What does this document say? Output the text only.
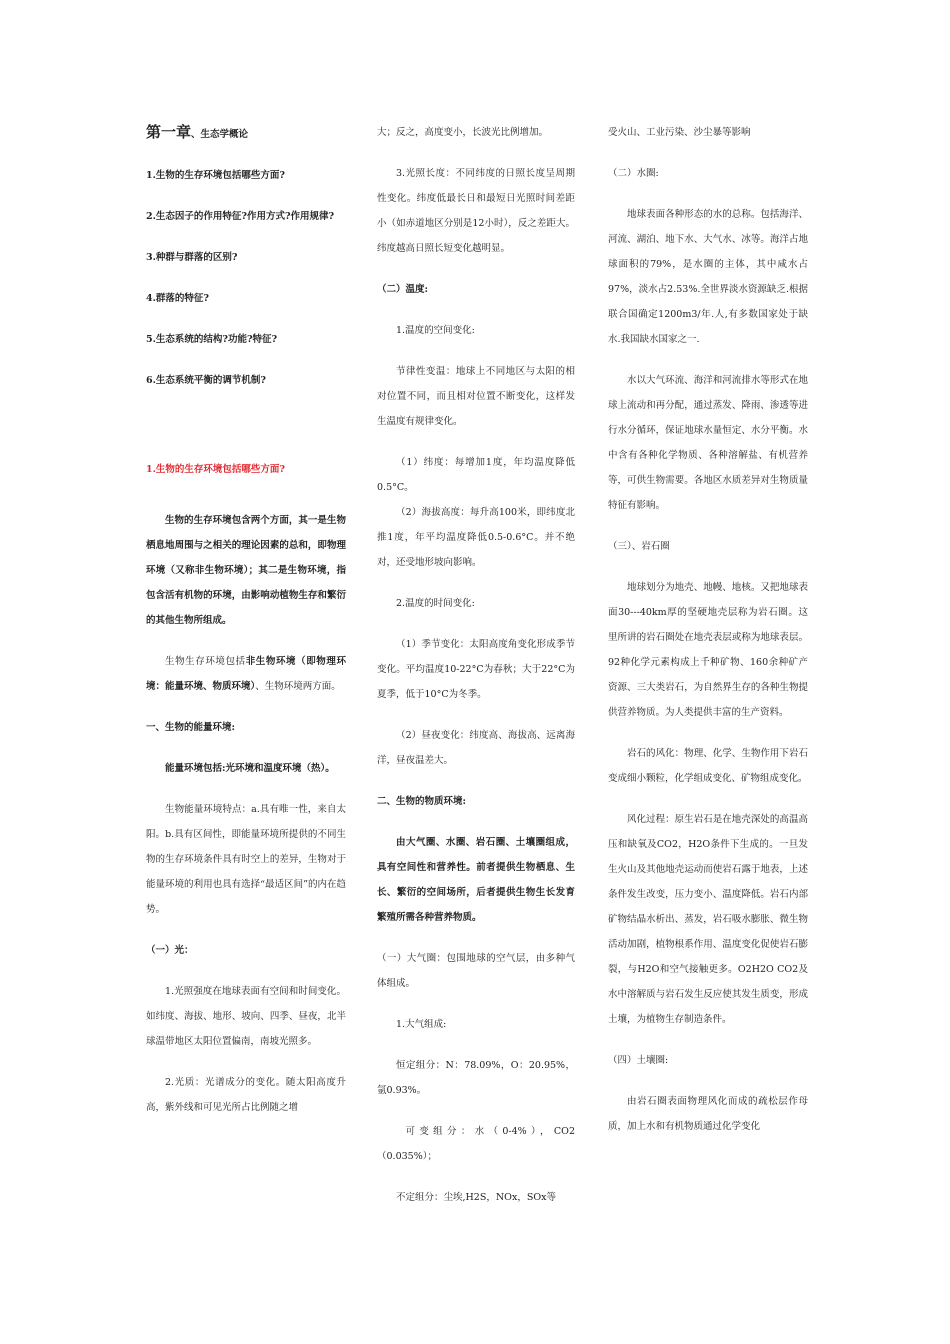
第一章、生态学概论

1.生物的生存环境包括哪些方面?

2.生态因子的作用特征?作用方式?作用规律?

3.种群与群落的区别?

4.群落的特征?

5.生态系统的结构?功能?特征?

6.生态系统平衡的调节机制?

1.生物的生存环境包括哪些方面?

生物的生存环境包含两个方面，其一是生物栖息地周围与之相关的理论因素的总和，即物理环境（又称非生物环境）；其二是生物环境，指包含活有机物的环境，由影响动植物生存和繁衍的其他生物所组成。

生物生存环境包括非生物环境（即物理环境：能量环境、物质环境）、生物环境两方面。

一、生物的能量环境:

能量环境包括:光环境和温度环境（热）。

生物能量环境特点：a.具有唯一性，来自太阳。b.具有区间性，即能量环境所提供的不同生物的生存环境条件具有时空上的差异，生物对于能量环境的利用也具有选择“最适区间”的内在趋势。

（一）光：

1.光照强度在地球表面有空间和时间变化。如纬度、海拔、地形、坡向、四季、昼夜，北半球温带地区太阳位置偏南，南坡光照多。

2.光质：光谱成分的变化。随太阳高度升高，紫外线和可见光所占比例随之增

大；反之，高度变小，长波光比例增加。

3.光照长度：不同纬度的日照长度呈周期性变化。纬度低最长日和最短日光照时间差距小（如赤道地区分别是12小时），反之差距大。纬度越高日照长短变化越明显。

（二）温度:

1.温度的空间变化:

节律性变温：地球上不同地区与太阳的相对位置不同，而且相对位置不断变化，这样发生温度有规律变化。

（1）纬度：每增加1度，年均温度降低0.5°C。

（2）海拔高度：每升高100米，即纬度北推1度，年平均温度降低0.5-0.6°C。并不绝对，还受地形坡向影响。

2.温度的时间变化:

（1）季节变化：太阳高度角变化形成季节变化。平均温度10-22°C为春秋；大于22°C为夏季，低于10°C为冬季。

（2）昼夜变化：纬度高、海拔高、远离海洋，昼夜温差大。

二、生物的物质环境:

由大气圈、水圈、岩石圈、土壤圈组成，具有空间性和营养性。前者提供生物栖息、生长、繁衍的空间场所，后者提供生物生长发育繁殖所需各种营养物质。

（一）大气圈：包围地球的空气层，由多种气体组成。

1.大气组成:

恒定组分：N：78.09%，O：20.95%，氩0.93%。

可变组分：水（0-4%），CO2（0.035%）；

不定组分：尘埃,H2S，NOx，SOx等

受火山、工业污染、沙尘暴等影响

（二）水圈:

地球表面各种形态的水的总称。包括海洋、河流、湖泊、地下水、大气水、冰等。海洋占地球面积的79%，是水圈的主体，其中咸水占97%，淡水占2.53%.全世界淡水资源缺乏.根据联合国确定1200m3/年.人,有多数国家处于缺水.我国缺水国家之一.

水以大气环流、海洋和河流排水等形式在地球上流动和再分配，通过蒸发、降雨、渗透等进行水分循环，保证地球水量恒定、水分平衡。水中含有各种化学物质、各种溶解盐、有机营养等，可供生物需要。各地区水质差异对生物质量特征有影响。

（三）、岩石圈

地球划分为地壳、地幔、地核。又把地球表面30---40km厚的坚硬地壳层称为岩石圈。这里所讲的岩石圈处在地壳表层或称为地球表层。92种化学元素构成上千种矿物、160余种矿产资源、三大类岩石，为自然界生存的各种生物提供营养物质。为人类提供丰富的生产资料。

岩石的风化：物理、化学、生物作用下岩石变成细小颗粒，化学组成变化、矿物组成变化。

风化过程：原生岩石是在地壳深处的高温高压和缺氧及CO2，H2O条件下生成的。一旦发生火山及其他地壳运动而使岩石露于地表，上述条件发生改变，压力变小、温度降低。岩石内部矿物结晶水析出、蒸发，岩石吸水膨胀、微生物活动加剧，植物根系作用、温度变化促使岩石膨裂，与H2O和空气接触更多。O2H2O CO2及水中溶解质与岩石发生反应使其发生质变，形成土壤，为植物生存制造条件。

（四）土壤圈:

由岩石圈表面物理风化而成的疏松层作母质，加上水和有机物质通过化学变化
